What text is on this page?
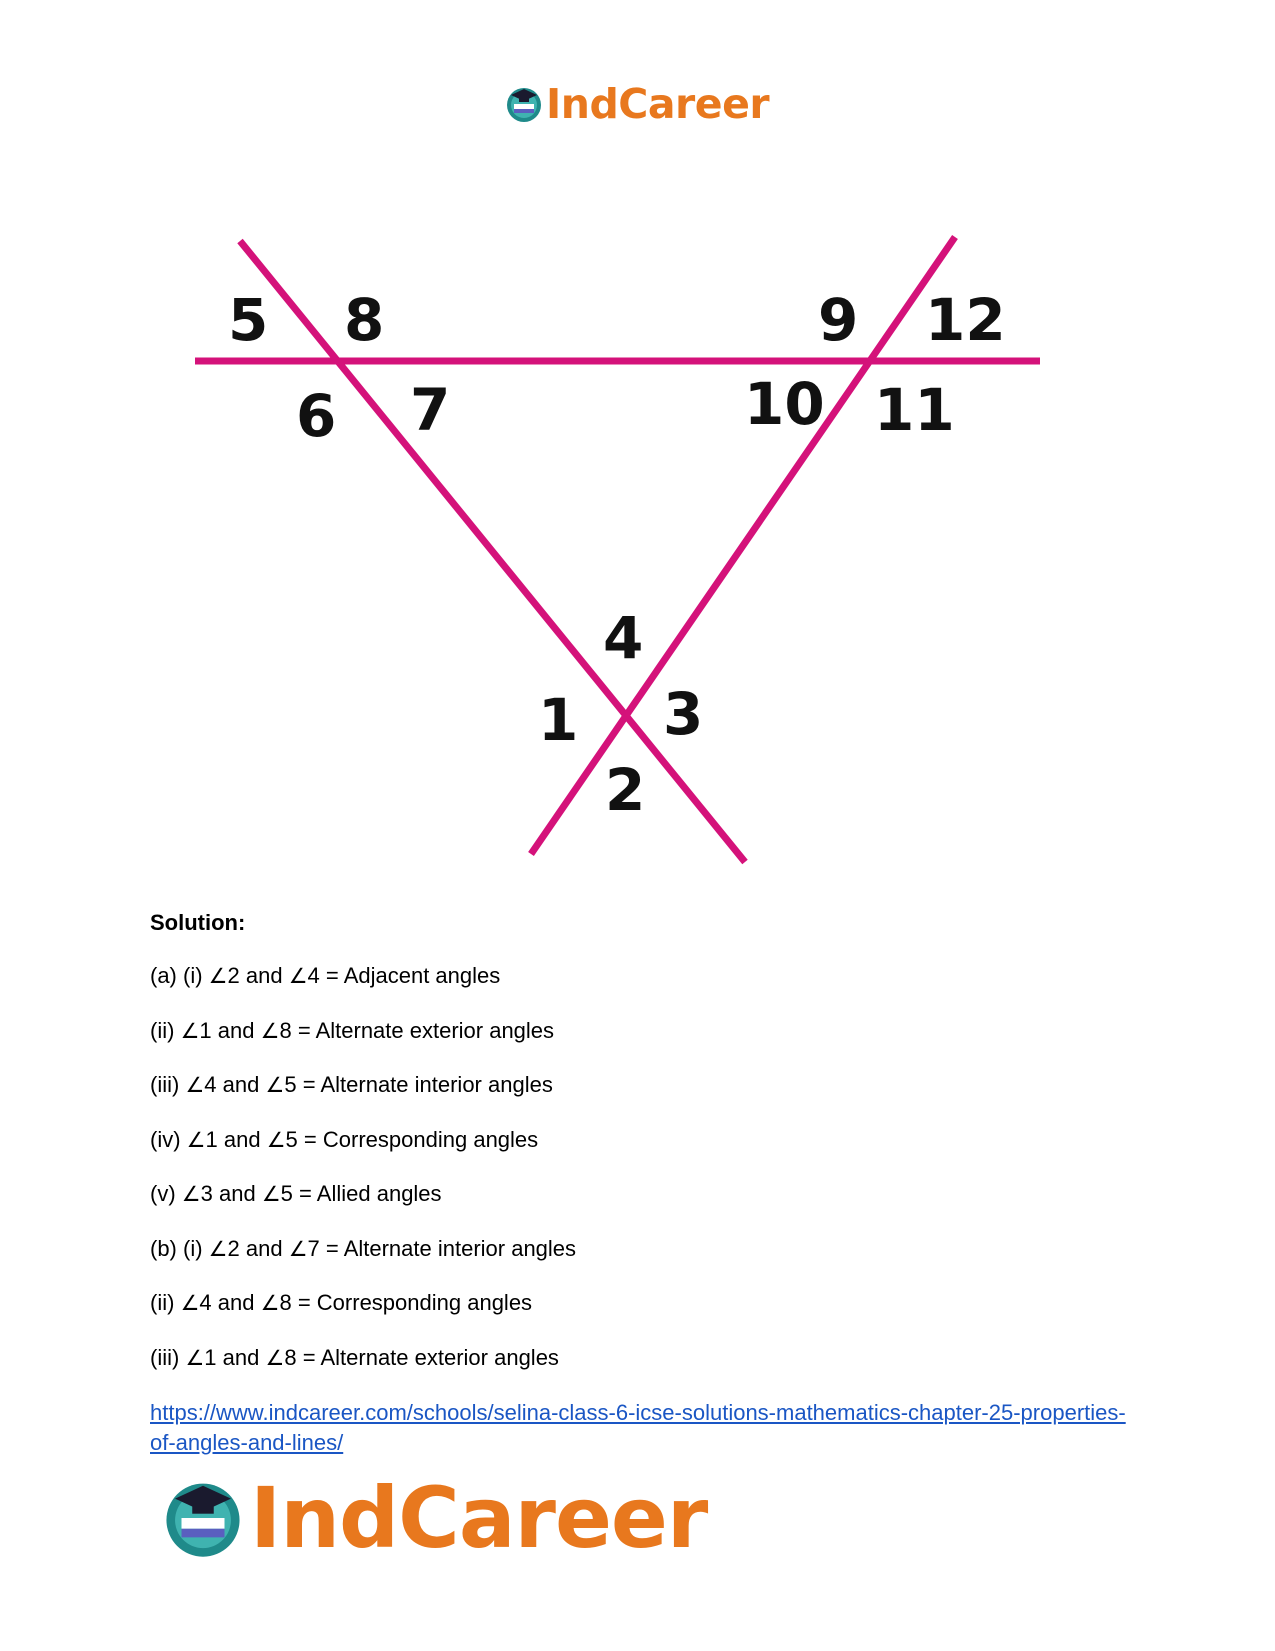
IndCareer
5 8
6 7
9 12
10 11
4
1 3
2
Solution:
(a) (i) ∠2 and ∠4 = Adjacent angles
(ii) ∠1 and ∠8 = Alternate exterior angles
(iii) ∠4 and ∠5 = Alternate interior angles
(iv) ∠1 and ∠5 = Corresponding angles
(v) ∠3 and ∠5 = Allied angles
(b) (i) ∠2 and ∠7 = Alternate interior angles
(ii) ∠4 and ∠8 = Corresponding angles
(iii) ∠1 and ∠8 = Alternate exterior angles
https://www.indcareer.com/schools/selina-class-6-icse-solutions-mathematics-chapter-25-properties-of-angles-and-lines/
IndCareer
